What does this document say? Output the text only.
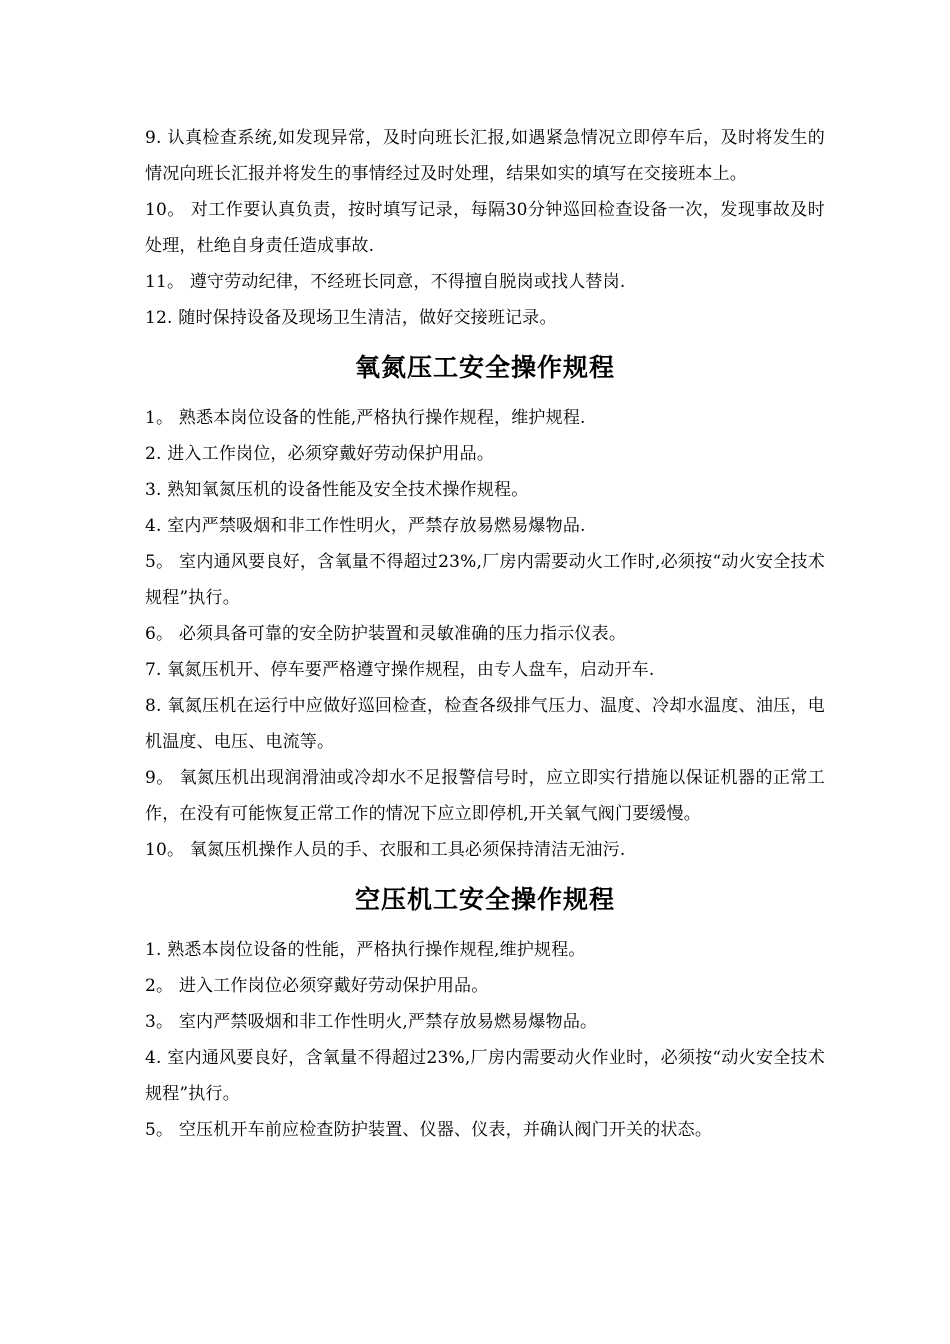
9. 认真检查系统,如发现异常，及时向班长汇报,如遇紧急情况立即停车后，及时将发生的情况向班长汇报并将发生的事情经过及时处理，结果如实的填写在交接班本上。

10。 对工作要认真负责，按时填写记录，每隔30分钟巡回检查设备一次，发现事故及时处理，杜绝自身责任造成事故.

11。 遵守劳动纪律，不经班长同意，不得擅自脱岗或找人替岗.

12. 随时保持设备及现场卫生清洁，做好交接班记录。

氧氮压工安全操作规程

1。 熟悉本岗位设备的性能,严格执行操作规程，维护规程.

2. 进入工作岗位，必须穿戴好劳动保护用品。

3. 熟知氧氮压机的设备性能及安全技术操作规程。

4. 室内严禁吸烟和非工作性明火，严禁存放易燃易爆物品.

5。 室内通风要良好，含氧量不得超过23%,厂房内需要动火工作时,必须按“动火安全技术规程”执行。

6。 必须具备可靠的安全防护装置和灵敏准确的压力指示仪表。

7. 氧氮压机开、停车要严格遵守操作规程，由专人盘车，启动开车.

8. 氧氮压机在运行中应做好巡回检查，检查各级排气压力、温度、冷却水温度、油压，电机温度、电压、电流等。

9。 氧氮压机出现润滑油或冷却水不足报警信号时，应立即实行措施以保证机器的正常工作，在没有可能恢复正常工作的情况下应立即停机,开关氧气阀门要缓慢。

10。 氧氮压机操作人员的手、衣服和工具必须保持清洁无油污.

空压机工安全操作规程

1. 熟悉本岗位设备的性能，严格执行操作规程,维护规程。

2。 进入工作岗位必须穿戴好劳动保护用品。

3。 室内严禁吸烟和非工作性明火,严禁存放易燃易爆物品。

4. 室内通风要良好，含氧量不得超过23%,厂房内需要动火作业时，必须按“动火安全技术规程”执行。

5。 空压机开车前应检查防护装置、仪器、仪表，并确认阀门开关的状态。
